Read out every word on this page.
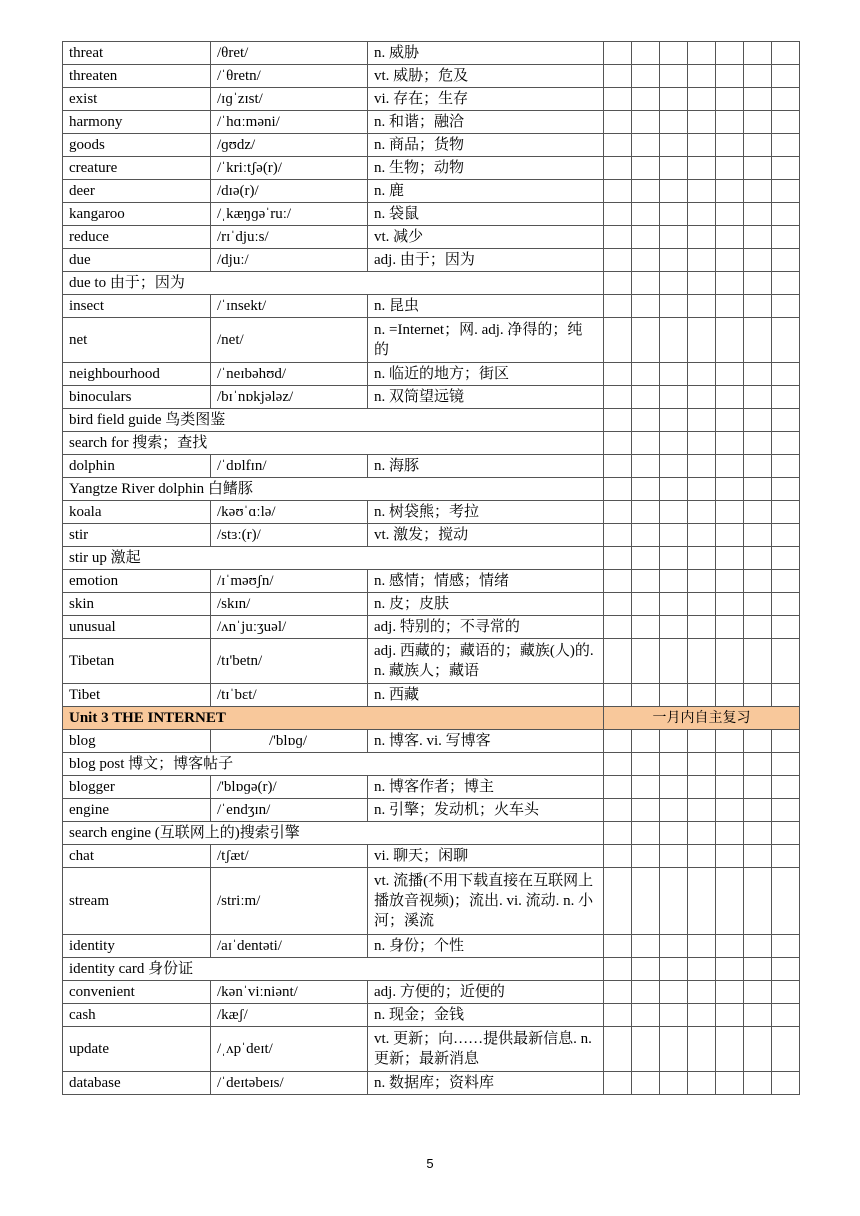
threat	/θret/	n. 威胁							
threaten	/ˈθretn/	vt. 威胁；危及							
exist	/ɪɡˈzɪst/	vi. 存在；生存							
harmony	/ˈhɑːməni/	n. 和谐；融洽							
goods	/ɡʊdz/	n. 商品；货物							
creature	/ˈkriːtʃə(r)/	n. 生物；动物							
deer	/dɪə(r)/	n. 鹿							
kangaroo	/ˌkæŋɡəˈruː/	n. 袋鼠							
reduce	/rɪˈdjuːs/	vt. 减少							
due	/djuː/	adj. 由于；因为							
due to 由于；因为									
insect	/ˈɪnsekt/	n. 昆虫							
net	/net/	n. =Internet；网. adj. 净得的；纯的							
neighbourhood	/ˈneɪbəhʊd/	n. 临近的地方；街区							
binoculars	/bɪˈnɒkjələz/	n. 双筒望远镜							
bird field guide 鸟类图鉴									
search for 搜索；查找									
dolphin	/ˈdɒlfɪn/	n. 海豚							
Yangtze River dolphin 白鳍豚									
koala	/kəʊˈɑːlə/	n. 树袋熊；考拉							
stir	/stɜː(r)/	vt. 激发；搅动							
stir up 激起									
emotion	/ɪˈməʊʃn/	n. 感情；情感；情绪							
skin	/skɪn/	n. 皮；皮肤							
unusual	/ʌnˈjuːʒuəl/	adj. 特别的；不寻常的							
Tibetan	/tɪ'betn/	adj. 西藏的；藏语的；藏族(人)的. n. 藏族人；藏语							
Tibet	/tɪˈbɛt/	n. 西藏							
Unit 3 THE INTERNET			一月内自主复习						
blog	/'blɒɡ/	n. 博客. vi. 写博客							
blog post 博文；博客帖子									
blogger	/'blɒɡə(r)/	n. 博客作者；博主							
engine	/ˈendʒɪn/	n. 引擎；发动机；火车头							
search engine (互联网上的)搜索引擎									
chat	/tʃæt/	vi. 聊天；闲聊							
stream	/striːm/	vt. 流播(不用下载直接在互联网上播放音视频)；流出. vi. 流动. n. 小河；溪流							
identity	/aɪˈdentəti/	n. 身份；个性							
identity card 身份证									
convenient	/kənˈviːniənt/	adj. 方便的；近便的							
cash	/kæʃ/	n. 现金；金钱							
update	/ˌʌpˈdeɪt/	vt. 更新；向……提供最新信息. n. 更新；最新消息							
database	/ˈdeɪtəbeɪs/	n. 数据库；资料库							
5
